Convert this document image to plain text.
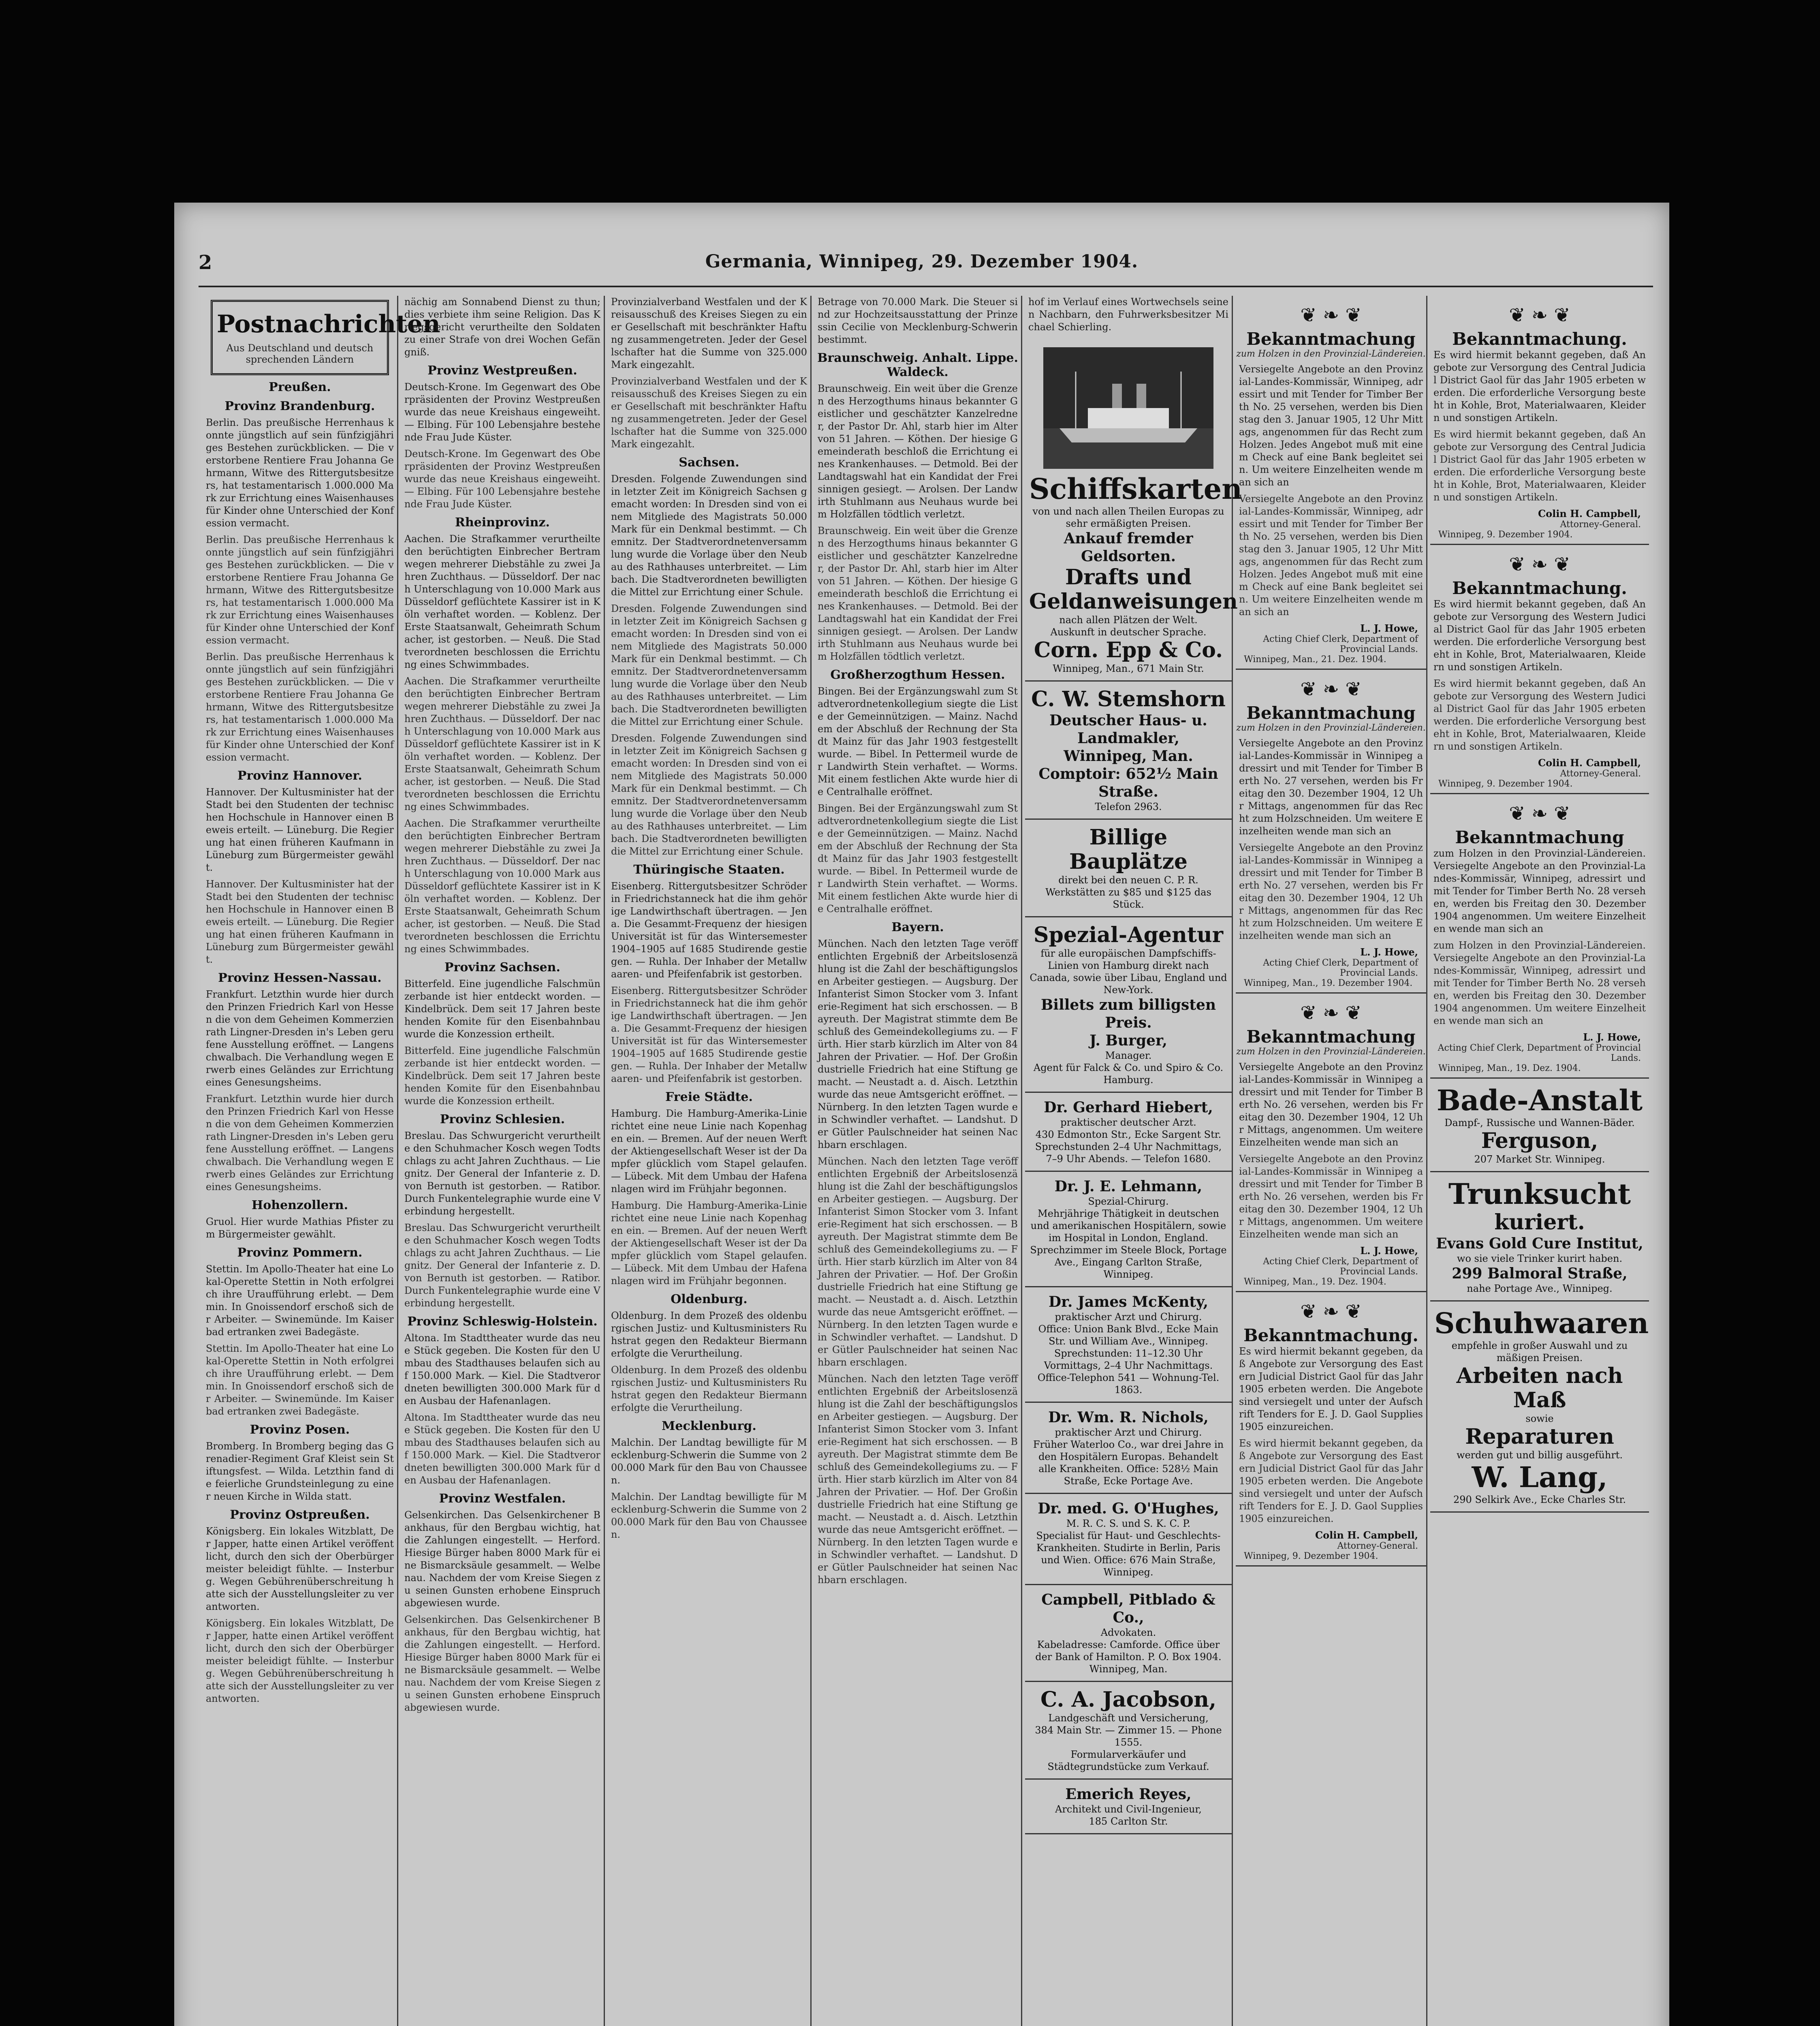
2	Germania, Winnipeg, 29. Dezember 1904.
Postnachrichten
Aus Deutschland und deutsch sprechenden Ländern
Preußen.
Provinz Brandenburg.

Berlin. Das preußische Herrenhaus konnte jüngstlich auf sein fünfzigjähriges Bestehen zurückblicken. — Die verstorbene Rentiere Frau Johanna Gehrmann, Witwe des Rittergutsbesitzers, hat testamentarisch 1.000.000 Mark zur Errichtung eines Waisenhauses für Kinder ohne Unterschied der Konfession vermacht.

Berlin. Das preußische Herrenhaus konnte jüngstlich auf sein fünfzigjähriges Bestehen zurückblicken. — Die verstorbene Rentiere Frau Johanna Gehrmann, Witwe des Rittergutsbesitzers, hat testamentarisch 1.000.000 Mark zur Errichtung eines Waisenhauses für Kinder ohne Unterschied der Konfession vermacht.

Berlin. Das preußische Herrenhaus konnte jüngstlich auf sein fünfzigjähriges Bestehen zurückblicken. — Die verstorbene Rentiere Frau Johanna Gehrmann, Witwe des Rittergutsbesitzers, hat testamentarisch 1.000.000 Mark zur Errichtung eines Waisenhauses für Kinder ohne Unterschied der Konfession vermacht.

Provinz Hannover.

Hannover. Der Kultusminister hat der Stadt bei den Studenten der technischen Hochschule in Hannover einen Beweis erteilt. — Lüneburg. Die Regierung hat einen früheren Kaufmann in Lüneburg zum Bürgermeister gewählt.

Hannover. Der Kultusminister hat der Stadt bei den Studenten der technischen Hochschule in Hannover einen Beweis erteilt. — Lüneburg. Die Regierung hat einen früheren Kaufmann in Lüneburg zum Bürgermeister gewählt.

Provinz Hessen-Nassau.

Frankfurt. Letzthin wurde hier durch den Prinzen Friedrich Karl von Hessen die von dem Geheimen Kommerzienrath Lingner-Dresden in's Leben gerufene Ausstellung eröffnet. — Langenschwalbach. Die Verhandlung wegen Erwerb eines Geländes zur Errichtung eines Genesungsheims.

Frankfurt. Letzthin wurde hier durch den Prinzen Friedrich Karl von Hessen die von dem Geheimen Kommerzienrath Lingner-Dresden in's Leben gerufene Ausstellung eröffnet. — Langenschwalbach. Die Verhandlung wegen Erwerb eines Geländes zur Errichtung eines Genesungsheims.

Hohenzollern.

Gruol. Hier wurde Mathias Pfister zum Bürgermeister gewählt.

Provinz Pommern.

Stettin. Im Apollo-Theater hat eine Lokal-Operette Stettin in Noth erfolgreich ihre Uraufführung erlebt. — Demmin. In Gnoissendorf erschoß sich der Arbeiter. — Swinemünde. Im Kaiserbad ertranken zwei Badegäste.

Stettin. Im Apollo-Theater hat eine Lokal-Operette Stettin in Noth erfolgreich ihre Uraufführung erlebt. — Demmin. In Gnoissendorf erschoß sich der Arbeiter. — Swinemünde. Im Kaiserbad ertranken zwei Badegäste.

Provinz Posen.

Bromberg. In Bromberg beging das Grenadier-Regiment Graf Kleist sein Stiftungsfest. — Wilda. Letzthin fand die feierliche Grundsteinlegung zu einer neuen Kirche in Wilda statt.

Provinz Ostpreußen.

Königsberg. Ein lokales Witzblatt, Der Japper, hatte einen Artikel veröffentlicht, durch den sich der Oberbürgermeister beleidigt fühlte. — Insterburg. Wegen Gebührenüberschreitung hatte sich der Ausstellungsleiter zu verantworten.

Königsberg. Ein lokales Witzblatt, Der Japper, hatte einen Artikel veröffentlicht, durch den sich der Oberbürgermeister beleidigt fühlte. — Insterburg. Wegen Gebührenüberschreitung hatte sich der Ausstellungsleiter zu verantworten.

nächig am Sonnabend Dienst zu thun; dies verbiete ihm seine Religion. Das Kriegsgericht verurtheilte den Soldaten zu einer Strafe von drei Wochen Gefängniß.

Provinz Westpreußen.

Deutsch-Krone. Im Gegenwart des Oberpräsidenten der Provinz Westpreußen wurde das neue Kreishaus eingeweiht. — Elbing. Für 100 Lebensjahre bestehende Frau Jude Küster.

Deutsch-Krone. Im Gegenwart des Oberpräsidenten der Provinz Westpreußen wurde das neue Kreishaus eingeweiht. — Elbing. Für 100 Lebensjahre bestehende Frau Jude Küster.

Rheinprovinz.

Aachen. Die Strafkammer verurtheilte den berüchtigten Einbrecher Bertram wegen mehrerer Diebstähle zu zwei Jahren Zuchthaus. — Düsseldorf. Der nach Unterschlagung von 10.000 Mark aus Düsseldorf geflüchtete Kassirer ist in Köln verhaftet worden. — Koblenz. Der Erste Staatsanwalt, Geheimrath Schumacher, ist gestorben. — Neuß. Die Stadtverordneten beschlossen die Errichtung eines Schwimmbades.

Aachen. Die Strafkammer verurtheilte den berüchtigten Einbrecher Bertram wegen mehrerer Diebstähle zu zwei Jahren Zuchthaus. — Düsseldorf. Der nach Unterschlagung von 10.000 Mark aus Düsseldorf geflüchtete Kassirer ist in Köln verhaftet worden. — Koblenz. Der Erste Staatsanwalt, Geheimrath Schumacher, ist gestorben. — Neuß. Die Stadtverordneten beschlossen die Errichtung eines Schwimmbades.

Aachen. Die Strafkammer verurtheilte den berüchtigten Einbrecher Bertram wegen mehrerer Diebstähle zu zwei Jahren Zuchthaus. — Düsseldorf. Der nach Unterschlagung von 10.000 Mark aus Düsseldorf geflüchtete Kassirer ist in Köln verhaftet worden. — Koblenz. Der Erste Staatsanwalt, Geheimrath Schumacher, ist gestorben. — Neuß. Die Stadtverordneten beschlossen die Errichtung eines Schwimmbades.

Provinz Sachsen.

Bitterfeld. Eine jugendliche Falschmünzerbande ist hier entdeckt worden. — Kindelbrück. Dem seit 17 Jahren bestehenden Komite für den Eisenbahnbau wurde die Konzession ertheilt.

Bitterfeld. Eine jugendliche Falschmünzerbande ist hier entdeckt worden. — Kindelbrück. Dem seit 17 Jahren bestehenden Komite für den Eisenbahnbau wurde die Konzession ertheilt.

Provinz Schlesien.

Breslau. Das Schwurgericht verurtheilte den Schuhmacher Kosch wegen Todtschlags zu acht Jahren Zuchthaus. — Liegnitz. Der General der Infanterie z. D. von Bernuth ist gestorben. — Ratibor. Durch Funkentelegraphie wurde eine Verbindung hergestellt.

Breslau. Das Schwurgericht verurtheilte den Schuhmacher Kosch wegen Todtschlags zu acht Jahren Zuchthaus. — Liegnitz. Der General der Infanterie z. D. von Bernuth ist gestorben. — Ratibor. Durch Funkentelegraphie wurde eine Verbindung hergestellt.

Provinz Schleswig-Holstein.

Altona. Im Stadttheater wurde das neue Stück gegeben. Die Kosten für den Umbau des Stadthauses belaufen sich auf 150.000 Mark. — Kiel. Die Stadtverordneten bewilligten 300.000 Mark für den Ausbau der Hafenanlagen.

Altona. Im Stadttheater wurde das neue Stück gegeben. Die Kosten für den Umbau des Stadthauses belaufen sich auf 150.000 Mark. — Kiel. Die Stadtverordneten bewilligten 300.000 Mark für den Ausbau der Hafenanlagen.

Provinz Westfalen.

Gelsenkirchen. Das Gelsenkirchener Bankhaus, für den Bergbau wichtig, hat die Zahlungen eingestellt. — Herford. Hiesige Bürger haben 8000 Mark für eine Bismarcksäule gesammelt. — Welbenau. Nachdem der vom Kreise Siegen zu seinen Gunsten erhobene Einspruch abgewiesen wurde.

Gelsenkirchen. Das Gelsenkirchener Bankhaus, für den Bergbau wichtig, hat die Zahlungen eingestellt. — Herford. Hiesige Bürger haben 8000 Mark für eine Bismarcksäule gesammelt. — Welbenau. Nachdem der vom Kreise Siegen zu seinen Gunsten erhobene Einspruch abgewiesen wurde.

Provinzialverband Westfalen und der Kreisausschuß des Kreises Siegen zu einer Gesellschaft mit beschränkter Haftung zusammengetreten. Jeder der Gesellschafter hat die Summe von 325.000 Mark eingezahlt.

Provinzialverband Westfalen und der Kreisausschuß des Kreises Siegen zu einer Gesellschaft mit beschränkter Haftung zusammengetreten. Jeder der Gesellschafter hat die Summe von 325.000 Mark eingezahlt.

Sachsen.

Dresden. Folgende Zuwendungen sind in letzter Zeit im Königreich Sachsen gemacht worden: In Dresden sind von einem Mitgliede des Magistrats 50.000 Mark für ein Denkmal bestimmt. — Chemnitz. Der Stadtverordnetenversammlung wurde die Vorlage über den Neubau des Rathhauses unterbreitet. — Limbach. Die Stadtverordneten bewilligten die Mittel zur Errichtung einer Schule.

Dresden. Folgende Zuwendungen sind in letzter Zeit im Königreich Sachsen gemacht worden: In Dresden sind von einem Mitgliede des Magistrats 50.000 Mark für ein Denkmal bestimmt. — Chemnitz. Der Stadtverordnetenversammlung wurde die Vorlage über den Neubau des Rathhauses unterbreitet. — Limbach. Die Stadtverordneten bewilligten die Mittel zur Errichtung einer Schule.

Dresden. Folgende Zuwendungen sind in letzter Zeit im Königreich Sachsen gemacht worden: In Dresden sind von einem Mitgliede des Magistrats 50.000 Mark für ein Denkmal bestimmt. — Chemnitz. Der Stadtverordnetenversammlung wurde die Vorlage über den Neubau des Rathhauses unterbreitet. — Limbach. Die Stadtverordneten bewilligten die Mittel zur Errichtung einer Schule.

Thüringische Staaten.

Eisenberg. Rittergutsbesitzer Schröder in Friedrichstanneck hat die ihm gehörige Landwirthschaft übertragen. — Jena. Die Gesammt-Frequenz der hiesigen Universität ist für das Wintersemester 1904–1905 auf 1685 Studirende gestiegen. — Ruhla. Der Inhaber der Metallwaaren- und Pfeifenfabrik ist gestorben.

Eisenberg. Rittergutsbesitzer Schröder in Friedrichstanneck hat die ihm gehörige Landwirthschaft übertragen. — Jena. Die Gesammt-Frequenz der hiesigen Universität ist für das Wintersemester 1904–1905 auf 1685 Studirende gestiegen. — Ruhla. Der Inhaber der Metallwaaren- und Pfeifenfabrik ist gestorben.

Freie Städte.

Hamburg. Die Hamburg-Amerika-Linie richtet eine neue Linie nach Kopenhagen ein. — Bremen. Auf der neuen Werft der Aktiengesellschaft Weser ist der Dampfer glücklich vom Stapel gelaufen. — Lübeck. Mit dem Umbau der Hafenanlagen wird im Frühjahr begonnen.

Hamburg. Die Hamburg-Amerika-Linie richtet eine neue Linie nach Kopenhagen ein. — Bremen. Auf der neuen Werft der Aktiengesellschaft Weser ist der Dampfer glücklich vom Stapel gelaufen. — Lübeck. Mit dem Umbau der Hafenanlagen wird im Frühjahr begonnen.

Oldenburg.

Oldenburg. In dem Prozeß des oldenburgischen Justiz- und Kultusministers Ruhstrat gegen den Redakteur Biermann erfolgte die Verurtheilung.

Oldenburg. In dem Prozeß des oldenburgischen Justiz- und Kultusministers Ruhstrat gegen den Redakteur Biermann erfolgte die Verurtheilung.

Mecklenburg.

Malchin. Der Landtag bewilligte für Mecklenburg-Schwerin die Summe von 200.000 Mark für den Bau von Chausseen.

Malchin. Der Landtag bewilligte für Mecklenburg-Schwerin die Summe von 200.000 Mark für den Bau von Chausseen.

Betrage von 70.000 Mark. Die Steuer sind zur Hochzeitsausstattung der Prinzessin Cecilie von Mecklenburg-Schwerin bestimmt.

Braunschweig. Anhalt. Lippe. Waldeck.

Braunschweig. Ein weit über die Grenzen des Herzogthums hinaus bekannter Geistlicher und geschätzter Kanzelredner, der Pastor Dr. Ahl, starb hier im Alter von 51 Jahren. — Köthen. Der hiesige Gemeinderath beschloß die Errichtung eines Krankenhauses. — Detmold. Bei der Landtagswahl hat ein Kandidat der Freisinnigen gesiegt. — Arolsen. Der Landwirth Stuhlmann aus Neuhaus wurde beim Holzfällen tödtlich verletzt.

Braunschweig. Ein weit über die Grenzen des Herzogthums hinaus bekannter Geistlicher und geschätzter Kanzelredner, der Pastor Dr. Ahl, starb hier im Alter von 51 Jahren. — Köthen. Der hiesige Gemeinderath beschloß die Errichtung eines Krankenhauses. — Detmold. Bei der Landtagswahl hat ein Kandidat der Freisinnigen gesiegt. — Arolsen. Der Landwirth Stuhlmann aus Neuhaus wurde beim Holzfällen tödtlich verletzt.

Großherzogthum Hessen.

Bingen. Bei der Ergänzungswahl zum Stadtverordnetenkollegium siegte die Liste der Gemeinnützigen. — Mainz. Nachdem der Abschluß der Rechnung der Stadt Mainz für das Jahr 1903 festgestellt wurde. — Bibel. In Pettermeil wurde der Landwirth Stein verhaftet. — Worms. Mit einem festlichen Akte wurde hier die Centralhalle eröffnet.

Bingen. Bei der Ergänzungswahl zum Stadtverordnetenkollegium siegte die Liste der Gemeinnützigen. — Mainz. Nachdem der Abschluß der Rechnung der Stadt Mainz für das Jahr 1903 festgestellt wurde. — Bibel. In Pettermeil wurde der Landwirth Stein verhaftet. — Worms. Mit einem festlichen Akte wurde hier die Centralhalle eröffnet.

Bayern.

München. Nach den letzten Tage veröffentlichten Ergebniß der Arbeitslosenzählung ist die Zahl der beschäftigungslosen Arbeiter gestiegen. — Augsburg. Der Infanterist Simon Stocker vom 3. Infanterie-Regiment hat sich erschossen. — Bayreuth. Der Magistrat stimmte dem Beschluß des Gemeindekollegiums zu. — Fürth. Hier starb kürzlich im Alter von 84 Jahren der Privatier. — Hof. Der Großindustrielle Friedrich hat eine Stiftung gemacht. — Neustadt a. d. Aisch. Letzthin wurde das neue Amtsgericht eröffnet. — Nürnberg. In den letzten Tagen wurde ein Schwindler verhaftet. — Landshut. Der Gütler Paulschneider hat seinen Nachbarn erschlagen.

München. Nach den letzten Tage veröffentlichten Ergebniß der Arbeitslosenzählung ist die Zahl der beschäftigungslosen Arbeiter gestiegen. — Augsburg. Der Infanterist Simon Stocker vom 3. Infanterie-Regiment hat sich erschossen. — Bayreuth. Der Magistrat stimmte dem Beschluß des Gemeindekollegiums zu. — Fürth. Hier starb kürzlich im Alter von 84 Jahren der Privatier. — Hof. Der Großindustrielle Friedrich hat eine Stiftung gemacht. — Neustadt a. d. Aisch. Letzthin wurde das neue Amtsgericht eröffnet. — Nürnberg. In den letzten Tagen wurde ein Schwindler verhaftet. — Landshut. Der Gütler Paulschneider hat seinen Nachbarn erschlagen.

München. Nach den letzten Tage veröffentlichten Ergebniß der Arbeitslosenzählung ist die Zahl der beschäftigungslosen Arbeiter gestiegen. — Augsburg. Der Infanterist Simon Stocker vom 3. Infanterie-Regiment hat sich erschossen. — Bayreuth. Der Magistrat stimmte dem Beschluß des Gemeindekollegiums zu. — Fürth. Hier starb kürzlich im Alter von 84 Jahren der Privatier. — Hof. Der Großindustrielle Friedrich hat eine Stiftung gemacht. — Neustadt a. d. Aisch. Letzthin wurde das neue Amtsgericht eröffnet. — Nürnberg. In den letzten Tagen wurde ein Schwindler verhaftet. — Landshut. Der Gütler Paulschneider hat seinen Nachbarn erschlagen.

hof im Verlauf eines Wortwechsels seinen Nachbarn, den Fuhrwerksbesitzer Michael Schierling.

Schiffskarten
von und nach allen Theilen Europas zu sehr ermäßigten Preisen.
Ankauf fremder Geldsorten.
Drafts und Geldanweisungen
nach allen Plätzen der Welt.
Auskunft in deutscher Sprache.
Corn. Epp & Co.
Winnipeg, Man., 671 Main Str.
C. W. Stemshorn
Deutscher Haus- u. Landmakler,
Winnipeg, Man.
Comptoir: 652½ Main Straße.
Telefon 2963.
Billige Bauplätze
direkt bei den neuen C. P. R. Werkstätten zu $85 und $125 das Stück.
Spezial-Agentur
für alle europäischen Dampfschiffs-Linien von Hamburg direkt nach Canada, sowie über Libau, England und New-York.
Billets zum billigsten Preis.
J. Burger,
Manager.
Agent für Falck & Co. und Spiro & Co. Hamburg.
Dr. Gerhard Hiebert,
praktischer deutscher Arzt.
430 Edmonton Str., Ecke Sargent Str.
Sprechstunden 2–4 Uhr Nachmittags, 7–9 Uhr Abends. — Telefon 1680.
Dr. J. E. Lehmann,
Spezial-Chirurg.
Mehrjährige Thätigkeit in deutschen und amerikanischen Hospitälern, sowie im Hospital in London, England. Sprechzimmer im Steele Block, Portage Ave., Eingang Carlton Straße, Winnipeg.
Dr. James McKenty,
praktischer Arzt und Chirurg.
Office: Union Bank Blvd., Ecke Main Str. und William Ave., Winnipeg.
Sprechstunden: 11–12.30 Uhr Vormittags, 2–4 Uhr Nachmittags.
Office-Telephon 541 — Wohnung-Tel. 1863.
Dr. Wm. R. Nichols,
praktischer Arzt und Chirurg.
Früher Waterloo Co., war drei Jahre in den Hospitälern Europas. Behandelt alle Krankheiten. Office: 528½ Main Straße, Ecke Portage Ave.
Dr. med. G. O'Hughes,
M. R. C. S. und S. K. C. P.
Specialist für Haut- und Geschlechts-Krankheiten. Studirte in Berlin, Paris und Wien. Office: 676 Main Straße, Winnipeg.
Campbell, Pitblado & Co.,
Advokaten.
Kabeladresse: Camforde. Office über der Bank of Hamilton. P. O. Box 1904.
Winnipeg, Man.
C. A. Jacobson,
Landgeschäft und Versicherung,
384 Main Str. — Zimmer 15. — Phone 1555.
Formularverkäufer und Städtegrundstücke zum Verkauf.
Emerich Reyes,
Architekt und Civil-Ingenieur,
185 Carlton Str.
❦ ❧ ❦
Bekanntmachung
zum Holzen in den Provinzial-Ländereien.

Versiegelte Angebote an den Provinzial-Landes-Kommissär, Winnipeg, adressirt und mit Tender for Timber Berth No. 25 versehen, werden bis Dienstag den 3. Januar 1905, 12 Uhr Mittags, angenommen für das Recht zum Holzen. Jedes Angebot muß mit einem Check auf eine Bank begleitet sein. Um weitere Einzelheiten wende man sich an

Versiegelte Angebote an den Provinzial-Landes-Kommissär, Winnipeg, adressirt und mit Tender for Timber Berth No. 25 versehen, werden bis Dienstag den 3. Januar 1905, 12 Uhr Mittags, angenommen für das Recht zum Holzen. Jedes Angebot muß mit einem Check auf eine Bank begleitet sein. Um weitere Einzelheiten wende man sich an

L. J. Howe,
Acting Chief Clerk, Department of Provincial Lands.
Winnipeg, Man., 21. Dez. 1904.
❦ ❧ ❦
Bekanntmachung
zum Holzen in den Provinzial-Ländereien.

Versiegelte Angebote an den Provinzial-Landes-Kommissär in Winnipeg adressirt und mit Tender for Timber Berth No. 27 versehen, werden bis Freitag den 30. Dezember 1904, 12 Uhr Mittags, angenommen für das Recht zum Holzschneiden. Um weitere Einzelheiten wende man sich an

Versiegelte Angebote an den Provinzial-Landes-Kommissär in Winnipeg adressirt und mit Tender for Timber Berth No. 27 versehen, werden bis Freitag den 30. Dezember 1904, 12 Uhr Mittags, angenommen für das Recht zum Holzschneiden. Um weitere Einzelheiten wende man sich an

L. J. Howe,
Acting Chief Clerk, Department of Provincial Lands.
Winnipeg, Man., 19. Dezember 1904.
❦ ❧ ❦
Bekanntmachung
zum Holzen in den Provinzial-Ländereien.

Versiegelte Angebote an den Provinzial-Landes-Kommissär in Winnipeg adressirt und mit Tender for Timber Berth No. 26 versehen, werden bis Freitag den 30. Dezember 1904, 12 Uhr Mittags, angenommen. Um weitere Einzelheiten wende man sich an

Versiegelte Angebote an den Provinzial-Landes-Kommissär in Winnipeg adressirt und mit Tender for Timber Berth No. 26 versehen, werden bis Freitag den 30. Dezember 1904, 12 Uhr Mittags, angenommen. Um weitere Einzelheiten wende man sich an

L. J. Howe,
Acting Chief Clerk, Department of Provincial Lands.
Winnipeg, Man., 19. Dez. 1904.
❦ ❧ ❦
Bekanntmachung.

Es wird hiermit bekannt gegeben, daß Angebote zur Versorgung des Eastern Judicial District Gaol für das Jahr 1905 erbeten werden. Die Angebote sind versiegelt und unter der Aufschrift Tenders for E. J. D. Gaol Supplies 1905 einzureichen.

Es wird hiermit bekannt gegeben, daß Angebote zur Versorgung des Eastern Judicial District Gaol für das Jahr 1905 erbeten werden. Die Angebote sind versiegelt und unter der Aufschrift Tenders for E. J. D. Gaol Supplies 1905 einzureichen.

Colin H. Campbell,
Attorney-General.
Winnipeg, 9. Dezember 1904.
❦ ❧ ❦
Bekanntmachung.

Es wird hiermit bekannt gegeben, daß Angebote zur Versorgung des Central Judicial District Gaol für das Jahr 1905 erbeten werden. Die erforderliche Versorgung besteht in Kohle, Brot, Materialwaaren, Kleidern und sonstigen Artikeln.

Es wird hiermit bekannt gegeben, daß Angebote zur Versorgung des Central Judicial District Gaol für das Jahr 1905 erbeten werden. Die erforderliche Versorgung besteht in Kohle, Brot, Materialwaaren, Kleidern und sonstigen Artikeln.

Colin H. Campbell,
Attorney-General.
Winnipeg, 9. Dezember 1904.
❦ ❧ ❦
Bekanntmachung.

Es wird hiermit bekannt gegeben, daß Angebote zur Versorgung des Western Judicial District Gaol für das Jahr 1905 erbeten werden. Die erforderliche Versorgung besteht in Kohle, Brot, Materialwaaren, Kleidern und sonstigen Artikeln.

Es wird hiermit bekannt gegeben, daß Angebote zur Versorgung des Western Judicial District Gaol für das Jahr 1905 erbeten werden. Die erforderliche Versorgung besteht in Kohle, Brot, Materialwaaren, Kleidern und sonstigen Artikeln.

Colin H. Campbell,
Attorney-General.
Winnipeg, 9. Dezember 1904.
❦ ❧ ❦
Bekanntmachung

zum Holzen in den Provinzial-Ländereien. Versiegelte Angebote an den Provinzial-Landes-Kommissär, Winnipeg, adressirt und mit Tender for Timber Berth No. 28 versehen, werden bis Freitag den 30. Dezember 1904 angenommen. Um weitere Einzelheiten wende man sich an

zum Holzen in den Provinzial-Ländereien. Versiegelte Angebote an den Provinzial-Landes-Kommissär, Winnipeg, adressirt und mit Tender for Timber Berth No. 28 versehen, werden bis Freitag den 30. Dezember 1904 angenommen. Um weitere Einzelheiten wende man sich an

L. J. Howe,
Acting Chief Clerk, Department of Provincial Lands.
Winnipeg, Man., 19. Dez. 1904.
Bade-Anstalt
Dampf-, Russische und Wannen-Bäder.
Ferguson,
207 Market Str. Winnipeg.
Trunksucht
kuriert.
Evans Gold Cure Institut,
wo sie viele Trinker kurirt haben.
299 Balmoral Straße,
nahe Portage Ave., Winnipeg.
Schuhwaaren
empfehle in großer Auswahl und zu mäßigen Preisen.
Arbeiten nach Maß
sowie
Reparaturen
werden gut und billig ausgeführt.
W. Lang,
290 Selkirk Ave., Ecke Charles Str.
